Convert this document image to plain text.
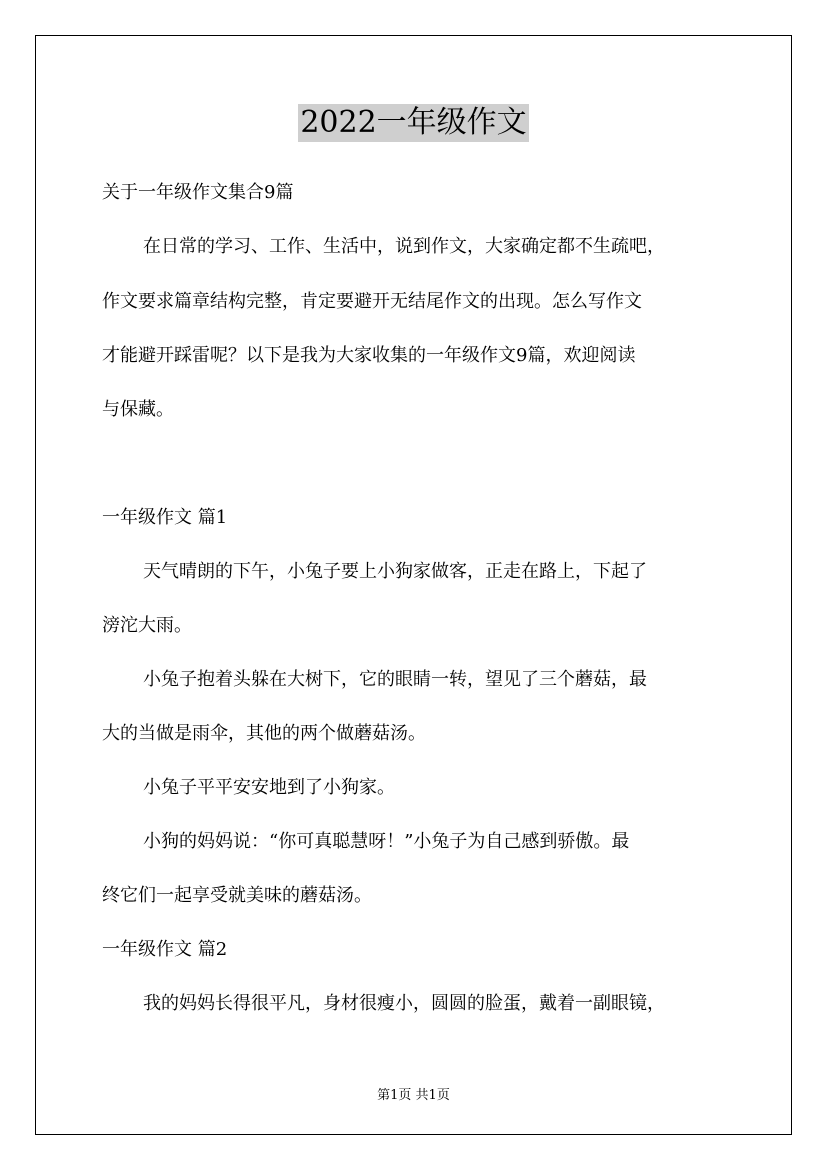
2022一年级作文
关于一年级作文集合9篇
在日常的学习、工作、生活中，说到作文，大家确定都不生疏吧，
作文要求篇章结构完整，肯定要避开无结尾作文的出现。怎么写作文
才能避开踩雷呢？以下是我为大家收集的一年级作文9篇，欢迎阅读
与保藏。
一年级作文 篇1
天气晴朗的下午，小兔子要上小狗家做客，正走在路上，下起了
滂沱大雨。
小兔子抱着头躲在大树下，它的眼睛一转，望见了三个蘑菇，最
大的当做是雨伞，其他的两个做蘑菇汤。
小兔子平平安安地到了小狗家。
小狗的妈妈说：“你可真聪慧呀！”小兔子为自己感到骄傲。最
终它们一起享受就美味的蘑菇汤。
一年级作文 篇2
我的妈妈长得很平凡，身材很瘦小，圆圆的脸蛋，戴着一副眼镜，
第1页 共1页
